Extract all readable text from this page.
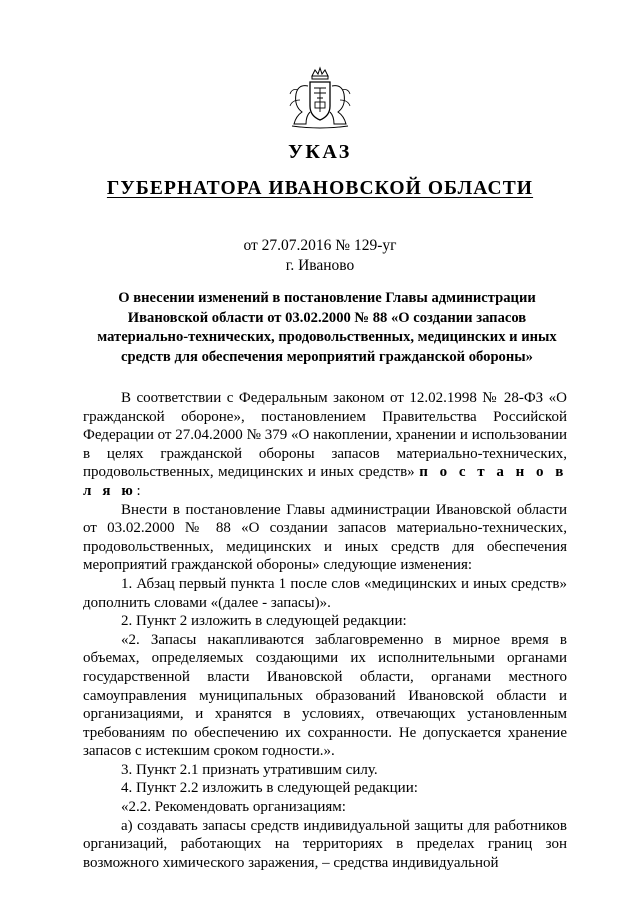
УКАЗ
ГУБЕРНАТОРА ИВАНОВСКОЙ ОБЛАСТИ
от 27.07.2016 № 129-уг
г. Иваново
О внесении изменений в постановление Главы администрации Ивановской области от 03.02.2000 № 88 «О создании запасов материально-технических, продовольственных, медицинских и иных средств для обеспечения мероприятий гражданской обороны»

В соответствии с Федеральным законом от 12.02.1998 № 28-ФЗ «О гражданской обороне», постановлением Правительства Российской Федерации от 27.04.2000 № 379 «О накоплении, хранении и использовании в целях гражданской обороны запасов материально-технических, продовольственных, медицинских и иных средств» п о с т а н о в л я ю:

Внести в постановление Главы администрации Ивановской области от 03.02.2000 № 88 «О создании запасов материально-технических, продовольственных, медицинских и иных средств для обеспечения мероприятий гражданской обороны» следующие изменения:

1. Абзац первый пункта 1 после слов «медицинских и иных средств» дополнить словами «(далее - запасы)».

2. Пункт 2 изложить в следующей редакции:

«2. Запасы накапливаются заблаговременно в мирное время в объемах, определяемых создающими их исполнительными органами государственной власти Ивановской области, органами местного самоуправления муниципальных образований Ивановской области и организациями, и хранятся в условиях, отвечающих установленным требованиям по обеспечению их сохранности. Не допускается хранение запасов с истекшим сроком годности.».

3. Пункт 2.1 признать утратившим силу.

4. Пункт 2.2 изложить в следующей редакции:

«2.2. Рекомендовать организациям:

а) создавать запасы средств индивидуальной защиты для работников организаций, работающих на территориях в пределах границ зон возможного химического заражения, – средства индивидуальной
